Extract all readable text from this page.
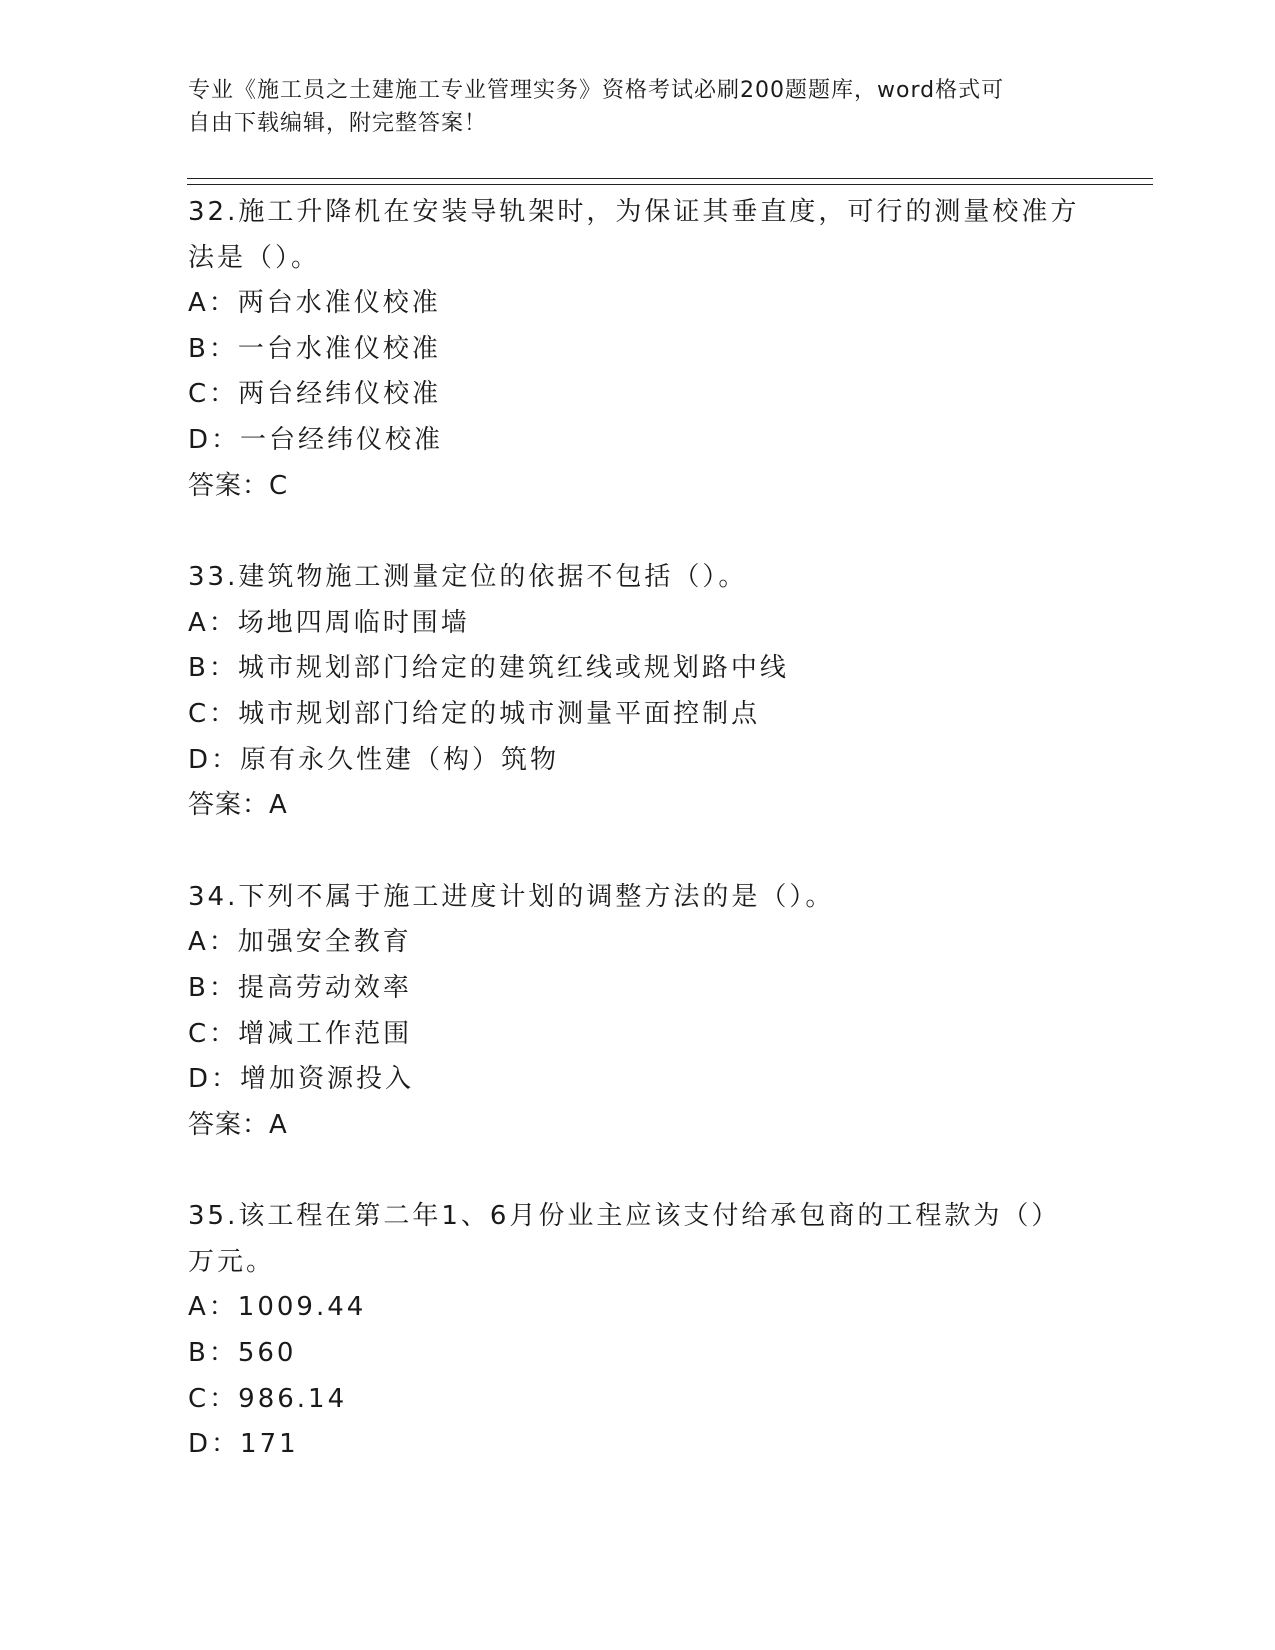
专业《施工员之土建施工专业管理实务》资格考试必刷200题题库，word格式可
自由下载编辑，附完整答案！
32.施工升降机在安装导轨架时，为保证其垂直度，可行的测量校准方
法是（）。
A：两台水准仪校准
B：一台水准仪校准
C：两台经纬仪校准
D：一台经纬仪校准
答案：C
33.建筑物施工测量定位的依据不包括（）。
A：场地四周临时围墙
B：城市规划部门给定的建筑红线或规划路中线
C：城市规划部门给定的城市测量平面控制点
D：原有永久性建（构）筑物
答案：A
34.下列不属于施工进度计划的调整方法的是（）。
A：加强安全教育
B：提高劳动效率
C：增减工作范围
D：增加资源投入
答案：A
35.该工程在第二年1、6月份业主应该支付给承包商的工程款为（）
万元。
A：1009.44
B：560
C：986.14
D：171
